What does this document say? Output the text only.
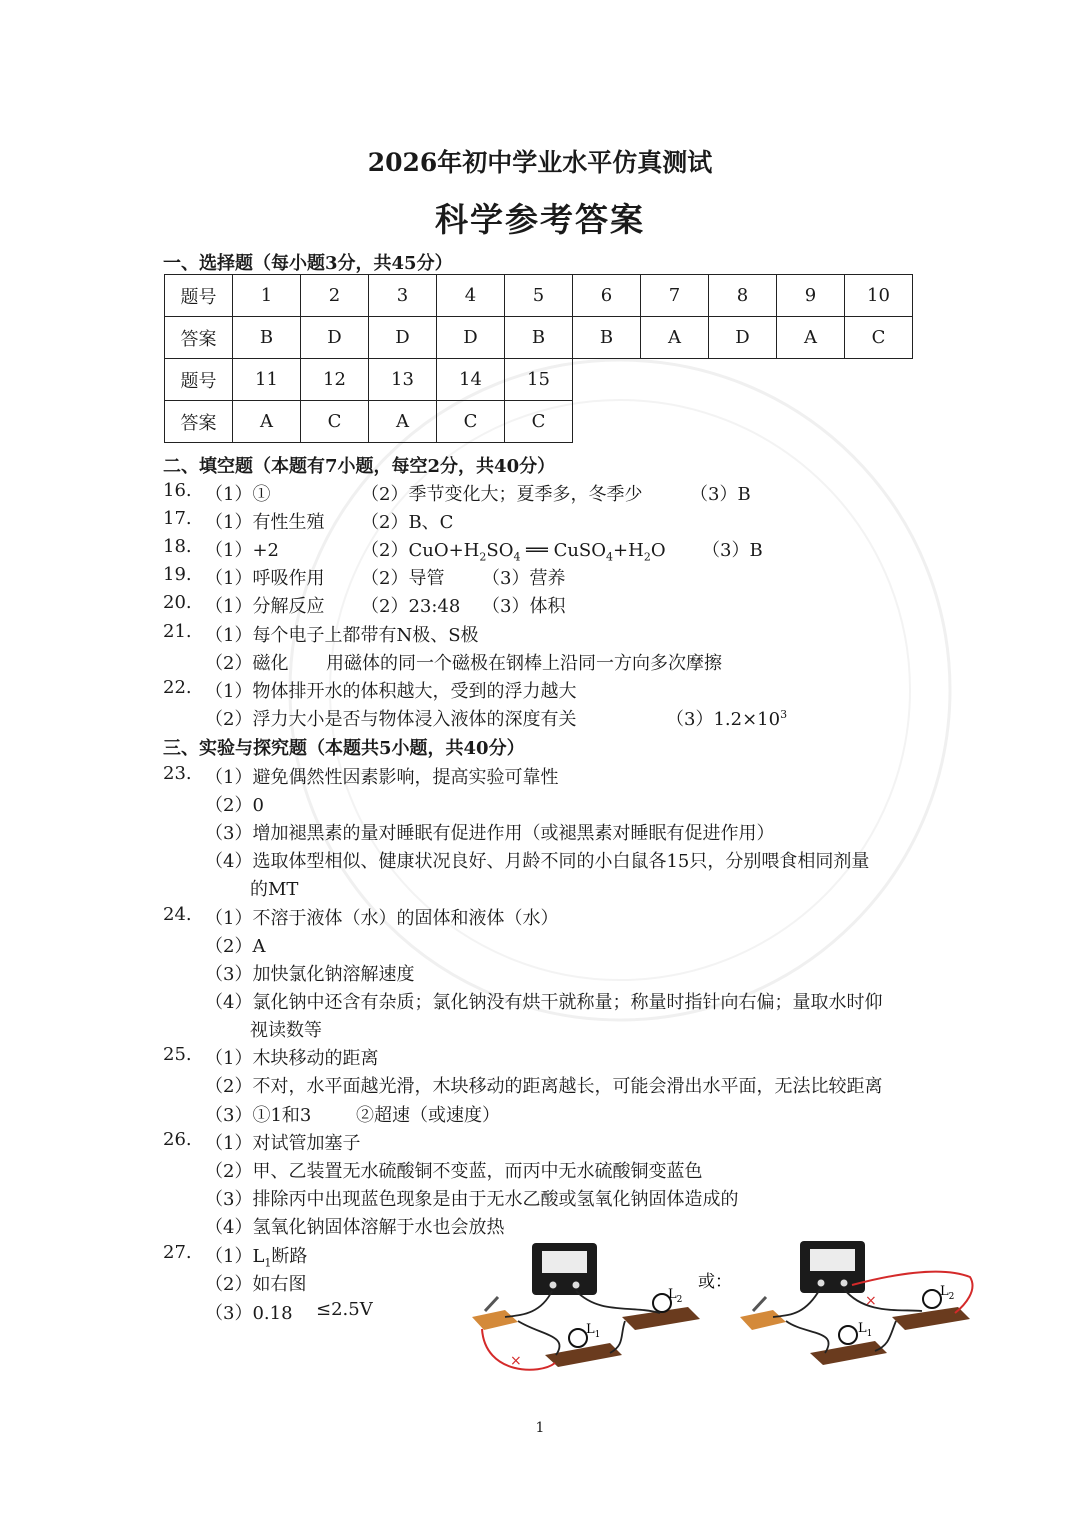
2026年初中学业水平仿真测试
科学参考答案
一、选择题（每小题3分，共45分）
题号	1	2	3	4	5	6	7	8	9	10
答案	B	D	D	D	B	B	A	D	A	C
题号	11	12	13	14	15					
答案	A	C	A	C	C					
二、填空题（本题有7小题，每空2分，共40分）
16. （1）①	（2）季节变化大；夏季多，冬季少	（3）B
17. （1）有性生殖 （2）B、C
18. （1）+2	$(2)CuO+H_2SO_4$ ══ $CuSO_4+H_2O$ （3）B
19. （1）呼吸作用 （2）导管 （3）营养
20. （1）分解反应 （2）23:48 （3）体积
21. （1）每个电子上都带有N极、S极
（2）磁化 用磁体的同一个磁极在钢棒上沿同一方向多次摩擦
22. （1）物体排开水的体积越大，受到的浮力越大
（2）浮力大小是否与物体浸入液体的深度有关	$(3)1.2\times 10^3$
三、实验与探究题（本题共5小题，共40分）
23. （1）避免偶然性因素影响，提高实验可靠性
（2）0
（3）增加褪黑素的量对睡眠有促进作用（或褪黑素对睡眠有促进作用）
（4）选取体型相似、健康状况良好、月龄不同的小白鼠各15只，分别喂食相同剂量
的MT
24. （1）不溶于液体（水）的固体和液体（水）
（2）A
（3）加快氯化钠溶解速度
（4）氯化钠中还含有杂质；氯化钠没有烘干就称量；称量时指针向右偏；量取水时仰
视读数等
25. （1）木块移动的距离
（2）不对，水平面越光滑，木块移动的距离越长，可能会滑出水平面，无法比较距离
（3）①1和3 ②超速（或速度）
26. （1）对试管加塞子
（2）甲、乙装置无水硫酸铜不变蓝，而丙中无水硫酸铜变蓝色
（3）排除丙中出现蓝色现象是由于无水乙酸或氢氧化钠固体造成的
（4）氢氧化钠固体溶解于水也会放热
27. $(1)L_1$断路
（2）如右图
（3）0.18 ≤2.5V
×
$L_2$
$L_1$
或：
×
$L_2$
$L_1$
1
